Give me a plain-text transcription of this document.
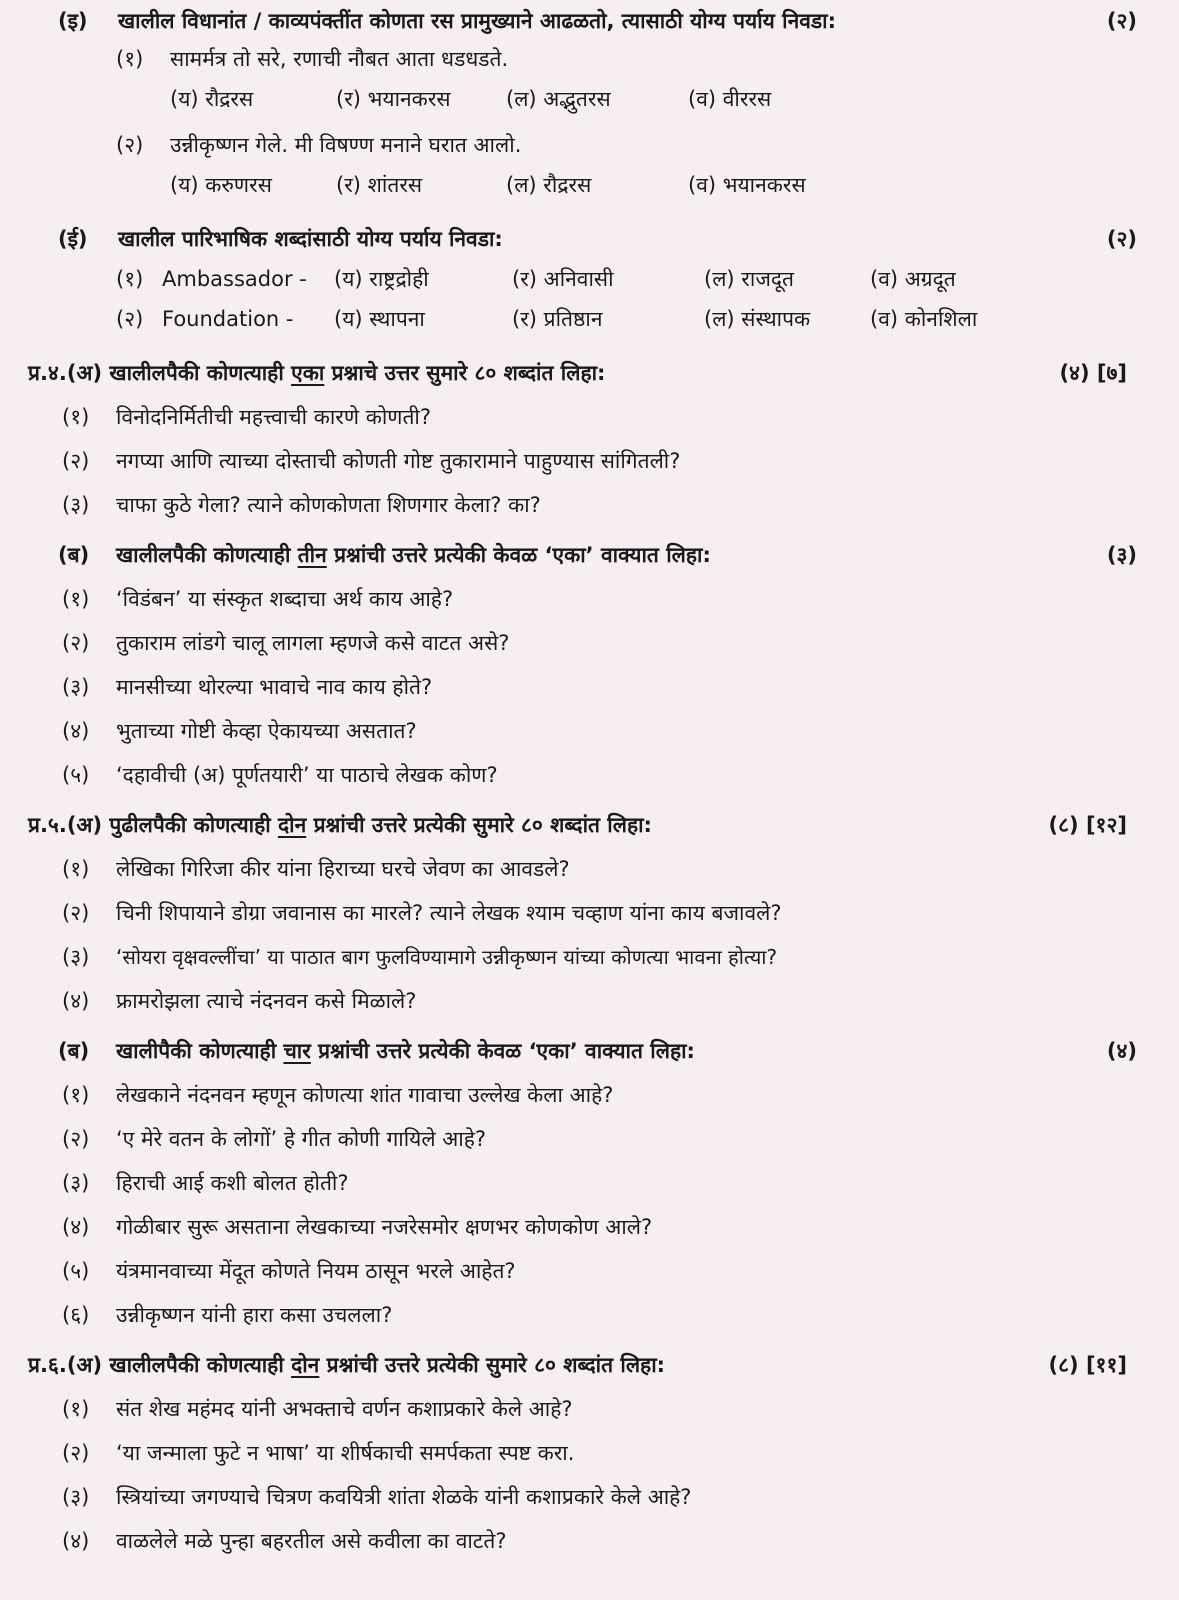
(इ) खालील विधानांत / काव्यपंक्तींत कोणता रस प्रामुख्याने आढळतो, त्यासाठी योग्य पर्याय निवडा:	(२)
(१) सामर्मत्र तो सरे, रणाची नौबत आता धडधडते.
(य) रौद्ररस	(र) भयानकरस	(ल) अद्भुतरस	(व) वीररस
(२) उन्नीकृष्णन गेले. मी विषण्ण मनाने घरात आलो.
(य) करुणरस	(र) शांतरस	(ल) रौद्ररस	(व) भयानकरस
(ई) खालील पारिभाषिक शब्दांसाठी योग्य पर्याय निवडा:	(२)
(१) Ambassador - (य) राष्ट्रद्रोही	(र) अनिवासी	(ल) राजदूत	(व) अग्रदूत
(२) Foundation - (य) स्थापना	(र) प्रतिष्ठान	(ल) संस्थापक	(व) कोनशिला
प्र.४.(अ) खालीलपैकी कोणत्याही एका प्रश्नाचे उत्तर सुमारे ८० शब्दांत लिहा:	(४) [७]
(१)	विनोदनिर्मितीची महत्त्वाची कारणे कोणती?
(२)	नगप्या आणि त्याच्या दोस्ताची कोणती गोष्ट तुकारामाने पाहुण्यास सांगितली?
(३)	चाफा कुठे गेला? त्याने कोणकोणता शिणगार केला? का?
(ब) खालीलपैकी कोणत्याही तीन प्रश्नांची उत्तरे प्रत्येकी केवळ ‘एका’ वाक्यात लिहा:	(३)
(१)	‘विडंबन’ या संस्कृत शब्दाचा अर्थ काय आहे?
(२)	तुकाराम लांडगे चालू लागला म्हणजे कसे वाटत असे?
(३)	मानसीच्या थोरल्या भावाचे नाव काय होते?
(४)	भुताच्या गोष्टी केव्हा ऐकायच्या असतात?
(५)	‘दहावीची (अ) पूर्णतयारी’ या पाठाचे लेखक कोण?
प्र.५.(अ) पुढीलपैकी कोणत्याही दोन प्रश्नांची उत्तरे प्रत्येकी सुमारे ८० शब्दांत लिहा:	(८) [१२]
(१)	लेखिका गिरिजा कीर यांना हिराच्या घरचे जेवण का आवडले?
(२)	चिनी शिपायाने डोग्रा जवानास का मारले? त्याने लेखक श्याम चव्हाण यांना काय बजावले?
(३)	‘सोयरा वृक्षवल्लींचा’ या पाठात बाग फुलविण्यामागे उन्नीकृष्णन यांच्या कोणत्या भावना होत्या?
(४)	फ्रामरोझला त्याचे नंदनवन कसे मिळाले?
(ब) खालीपैकी कोणत्याही चार प्रश्नांची उत्तरे प्रत्येकी केवळ ‘एका’ वाक्यात लिहा:	(४)
(१)	लेखकाने नंदनवन म्हणून कोणत्या शांत गावाचा उल्लेख केला आहे?
(२)	‘ए मेरे वतन के लोगों’ हे गीत कोणी गायिले आहे?
(३)	हिराची आई कशी बोलत होती?
(४)	गोळीबार सुरू असताना लेखकाच्या नजरेसमोर क्षणभर कोणकोण आले?
(५)	यंत्रमानवाच्या मेंदूत कोणते नियम ठासून भरले आहेत?
(६)	उन्नीकृष्णन यांनी हारा कसा उचलला?
प्र.६.(अ) खालीलपैकी कोणत्याही दोन प्रश्नांची उत्तरे प्रत्येकी सुमारे ८० शब्दांत लिहा:	(८) [११]
(१)	संत शेख महंमद यांनी अभक्ताचे वर्णन कशाप्रकारे केले आहे?
(२)	‘या जन्माला फुटे न भाषा’ या शीर्षकाची समर्पकता स्पष्ट करा.
(३)	स्त्रियांच्या जगण्याचे चित्रण कवयित्री शांता शेळके यांनी कशाप्रकारे केले आहे?
(४)	वाळलेले मळे पुन्हा बहरतील असे कवीला का वाटते?
